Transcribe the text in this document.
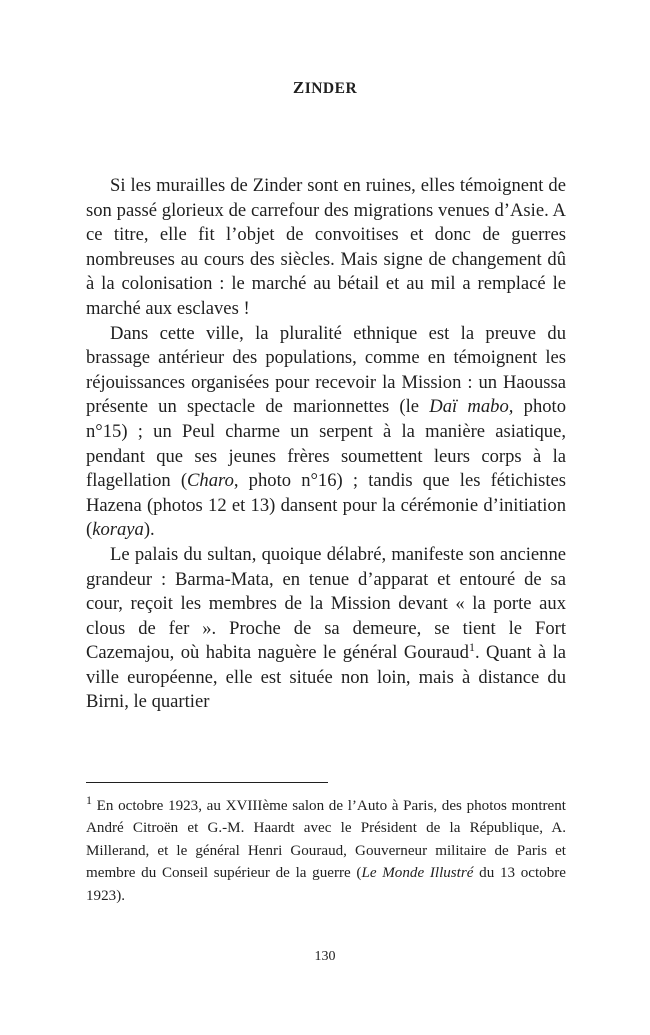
ZINDER

Si les murailles de Zinder sont en ruines, elles témoignent de son passé glorieux de carrefour des migrations venues d’Asie. A ce titre, elle fit l’objet de convoitises et donc de guerres nombreuses au cours des siècles. Mais signe de changement dû à la colonisation : le marché au bétail et au mil a remplacé le marché aux esclaves !

Dans cette ville, la pluralité ethnique est la preuve du brassage antérieur des populations, comme en témoignent les réjouissances organisées pour recevoir la Mission : un Haoussa présente un spectacle de marionnettes (le Daï mabo, photo n°15) ; un Peul charme un serpent à la manière asiatique, pendant que ses jeunes frères soumettent leurs corps à la flagellation (Charo, photo n°16) ; tandis que les fétichistes Hazena (photos 12 et 13) dansent pour la cérémonie d’initiation (koraya).

Le palais du sultan, quoique délabré, manifeste son ancienne grandeur : Barma-Mata, en tenue d’apparat et entouré de sa cour, reçoit les membres de la Mission devant « la porte aux clous de fer ». Proche de sa demeure, se tient le Fort Cazemajou, où habita naguère le général Gouraud$^1$. Quant à la ville européenne, elle est située non loin, mais à distance du Birni, le quartier

$^1$ En octobre 1923, au XVIIIème salon de l’Auto à Paris, des photos montrent André Citroën et G.-M. Haardt avec le Président de la République, A. Millerand, et le général Henri Gouraud, Gouverneur militaire de Paris et membre du Conseil supérieur de la guerre (Le Monde Illustré du 13 octobre 1923).

130
